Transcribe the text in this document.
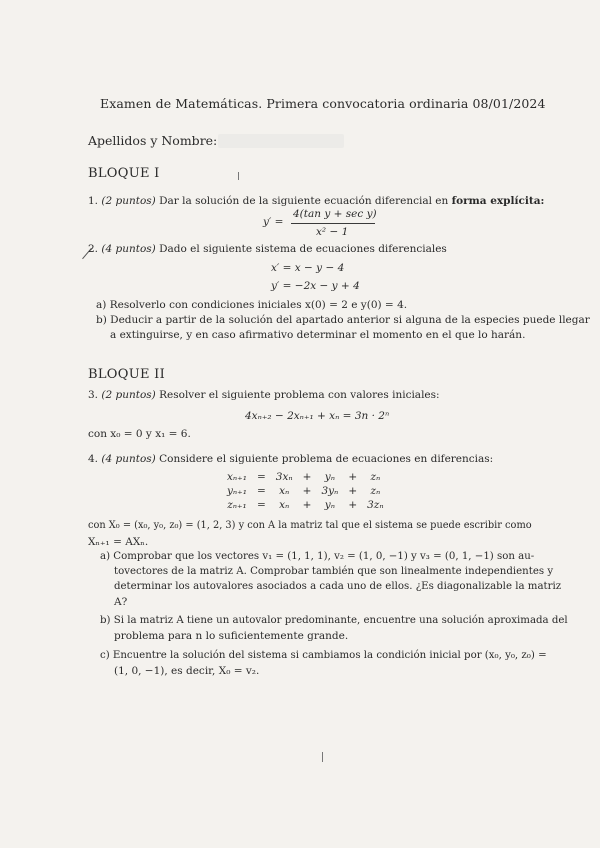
Examen de Matemáticas. Primera convocatoria ordinaria 08/01/2024
Apellidos y Nombre:
BLOQUE I
1. (2 puntos) Dar la solución de la siguiente ecuación diferencial en forma explícita:
y′ =
4(tan y + sec y)
x² − 1
2. (4 puntos) Dado el siguiente sistema de ecuaciones diferenciales
x′ = x − y − 4
y′ = −2x − y + 4
a) Resolverlo con condiciones iniciales x(0) = 2 e y(0) = 4.
b) Deducir a partir de la solución del apartado anterior si alguna de la especies puede llegar
a extinguirse, y en caso afirmativo determinar el momento en el que lo harán.
BLOQUE II
3. (2 puntos) Resolver el siguiente problema con valores iniciales:
4xₙ₊₂ − 2xₙ₊₁ + xₙ = 3n · 2ⁿ
con x₀ = 0 y x₁ = 6.
4. (4 puntos) Considere el siguiente problema de ecuaciones en diferencias:
xₙ₊₁	=	3xₙ	+	yₙ	+	zₙ
yₙ₊₁	=	xₙ	+	3yₙ	+	zₙ
zₙ₊₁	=	xₙ	+	yₙ	+	3zₙ
con X₀ = (x₀, y₀, z₀) = (1, 2, 3) y con A la matriz tal que el sistema se puede escribir como
Xₙ₊₁ = AXₙ.
a) Comprobar que los vectores v₁ = (1, 1, 1), v₂ = (1, 0, −1) y v₃ = (0, 1, −1) son au-
tovectores de la matriz A. Comprobar también que son linealmente independientes y
determinar los autovalores asociados a cada uno de ellos. ¿Es diagonalizable la matriz
A?
b) Si la matriz A tiene un autovalor predominante, encuentre una solución aproximada del
problema para n lo suficientemente grande.
c) Encuentre la solución del sistema si cambiamos la condición inicial por (x₀, y₀, z₀) =
(1, 0, −1), es decir, X₀ = v₂.
